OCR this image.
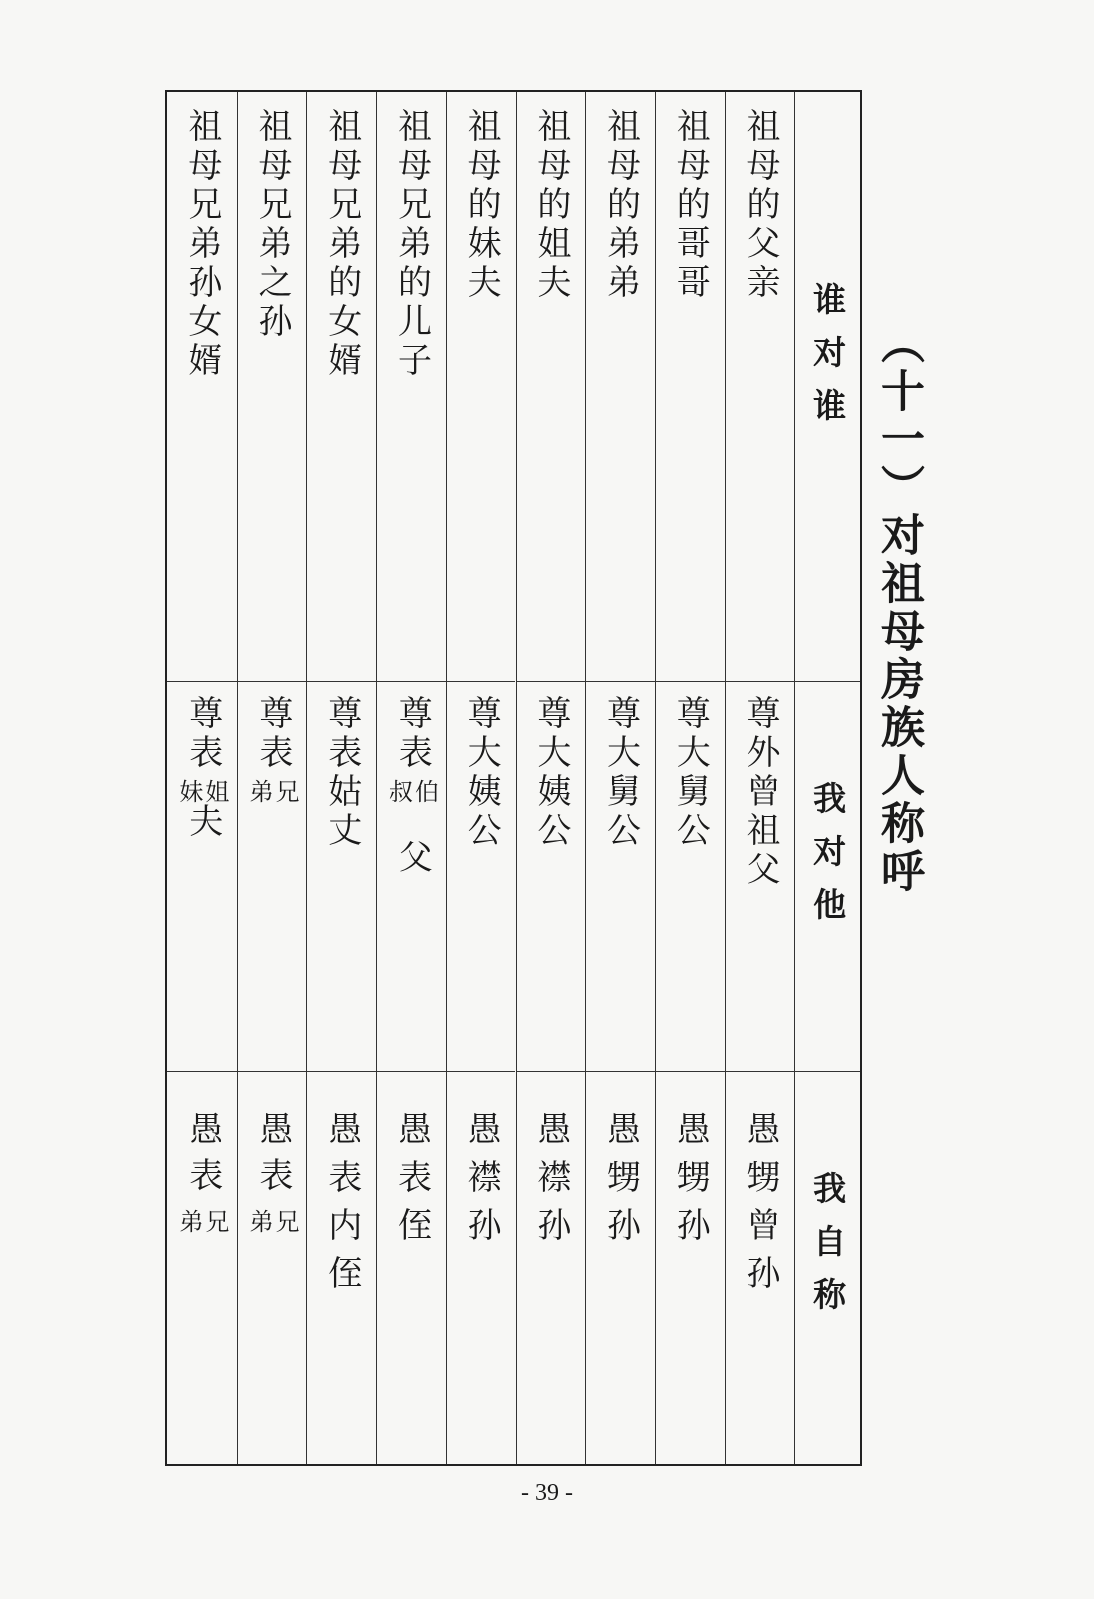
（十一）对祖母房族人称呼
祖母兄弟孙女婿
尊表
姐
妹
夫
愚表
兄
弟
祖母兄弟之孙
尊表
兄
弟
愚表
兄
弟
祖母兄弟的女婿
尊表姑丈
愚表内侄
祖母兄弟的儿子
尊表
伯
叔
父
愚表侄
祖母的妹夫
尊大姨公
愚襟孙
祖母的姐夫
尊大姨公
愚襟孙
祖母的弟弟
尊大舅公
愚甥孙
祖母的哥哥
尊大舅公
愚甥孙
祖母的父亲
尊外曾祖父
愚甥曾孙
谁对谁
我对他
我自称
- 39 -
